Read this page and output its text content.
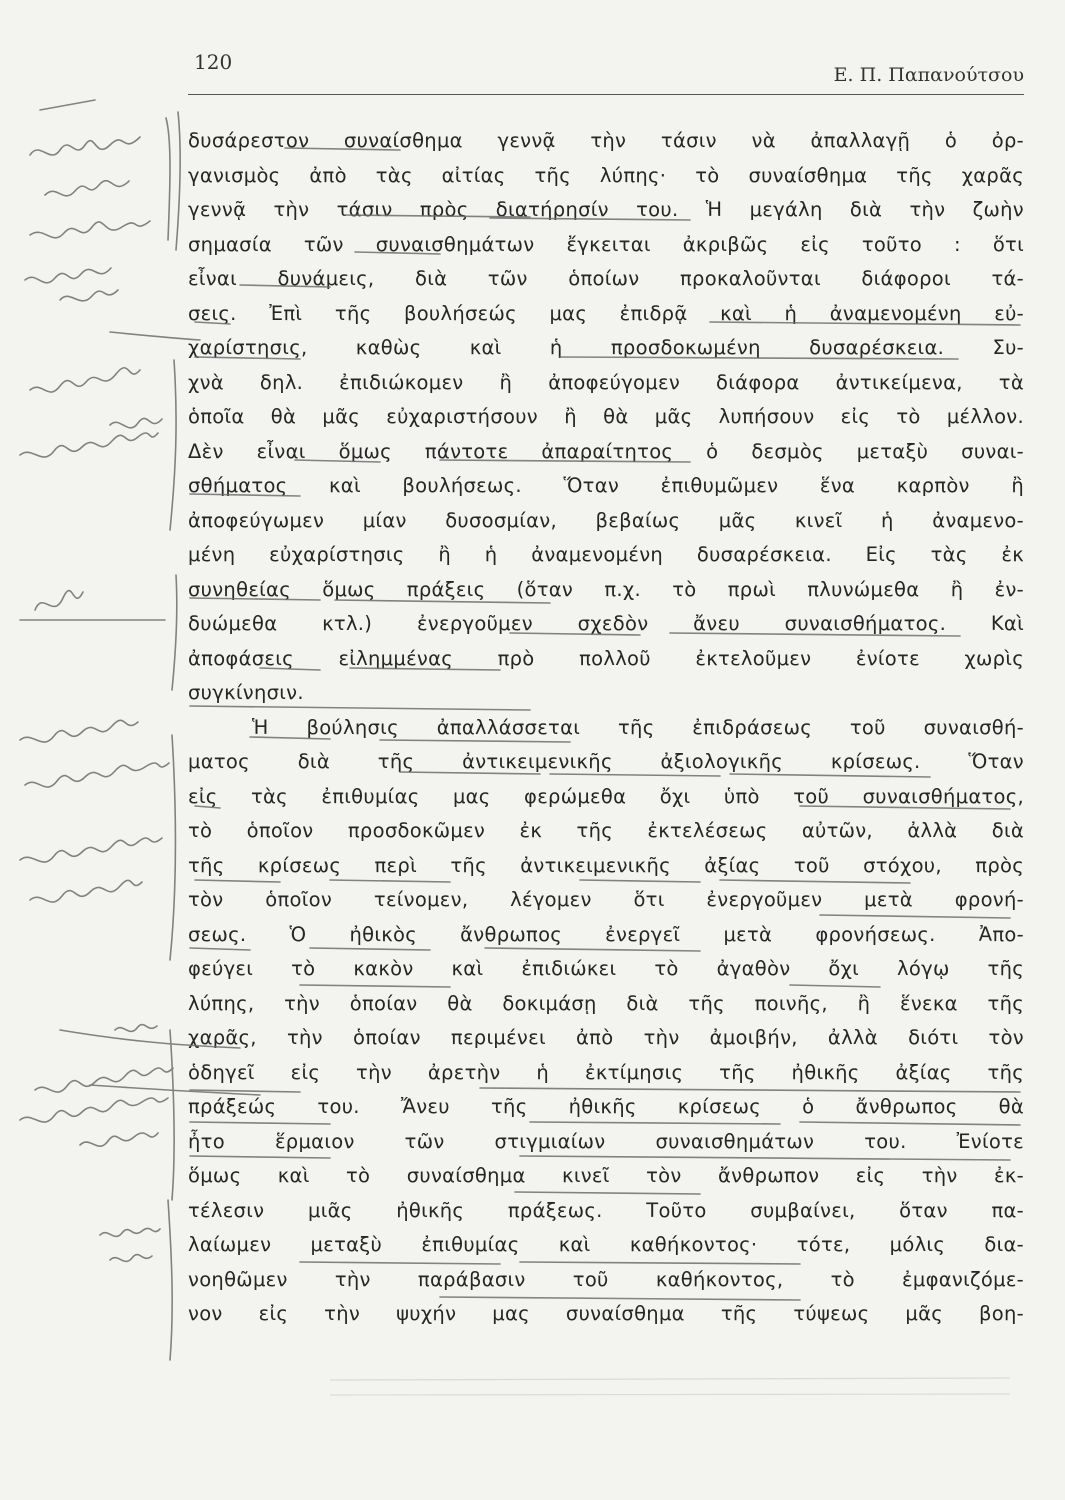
120
Ε. Π. Παπανούτσου
δυσάρεστον συναίσθημα γεννᾷ τὴν τάσιν νὰ ἀπαλλαγῇ ὁ ὀρ-
γανισμὸς ἀπὸ τὰς αἰτίας τῆς λύπης· τὸ συναίσθημα τῆς χαρᾶς
γεννᾷ τὴν τάσιν πρὸς διατήρησίν του. Ἡ μεγάλη διὰ τὴν ζωὴν
σημασία τῶν συναισθημάτων ἔγκειται ἀκριβῶς εἰς τοῦτο : ὅτι
εἶναι δυνάμεις, διὰ τῶν ὁποίων προκαλοῦνται διάφοροι τά-
σεις. Ἐπὶ τῆς βουλήσεώς μας ἐπιδρᾷ καὶ ἡ ἀναμενομένη εὐ-
χαρίστησις, καθὼς καὶ ἡ προσδοκωμένη δυσαρέσκεια. Συ-
χνὰ δηλ. ἐπιδιώκομεν ἢ ἀποφεύγομεν διάφορα ἀντικείμενα, τὰ
ὁποῖα θὰ μᾶς εὐχαριστήσουν ἢ θὰ μᾶς λυπήσουν εἰς τὸ μέλλον.
Δὲν εἶναι ὅμως πάντοτε ἀπαραίτητος ὁ δεσμὸς μεταξὺ συναι-
σθήματος καὶ βουλήσεως. Ὅταν ἐπιθυμῶμεν ἕνα καρπὸν ἢ
ἀποφεύγωμεν μίαν δυσοσμίαν, βεβαίως μᾶς κινεῖ ἡ ἀναμενο-
μένη εὐχαρίστησις ἢ ἡ ἀναμενομένη δυσαρέσκεια. Εἰς τὰς ἐκ
συνηθείας ὅμως πράξεις (ὅταν π.χ. τὸ πρωὶ πλυνώμεθα ἢ ἐν-
δυώμεθα κτλ.) ἐνεργοῦμεν σχεδὸν ἄνευ συναισθήματος. Καὶ
ἀποφάσεις εἰλημμένας πρὸ πολλοῦ ἐκτελοῦμεν ἐνίοτε χωρὶς
συγκίνησιν.
Ἡ βούλησις ἀπαλλάσσεται τῆς ἐπιδράσεως τοῦ συναισθή-
ματος διὰ τῆς ἀντικειμενικῆς ἀξιολογικῆς κρίσεως. Ὅταν
εἰς τὰς ἐπιθυμίας μας φερώμεθα ὄχι ὑπὸ τοῦ συναισθήματος,
τὸ ὁποῖον προσδοκῶμεν ἐκ τῆς ἐκτελέσεως αὐτῶν, ἀλλὰ διὰ
τῆς κρίσεως περὶ τῆς ἀντικειμενικῆς ἀξίας τοῦ στόχου, πρὸς
τὸν ὁποῖον τείνομεν, λέγομεν ὅτι ἐνεργοῦμεν μετὰ φρονή-
σεως. Ὁ ἠθικὸς ἄνθρωπος ἐνεργεῖ μετὰ φρονήσεως. Ἀπο-
φεύγει τὸ κακὸν καὶ ἐπιδιώκει τὸ ἀγαθὸν ὄχι λόγῳ τῆς
λύπης, τὴν ὁποίαν θὰ δοκιμάσῃ διὰ τῆς ποινῆς, ἢ ἕνεκα τῆς
χαρᾶς, τὴν ὁποίαν περιμένει ἀπὸ τὴν ἀμοιβήν, ἀλλὰ διότι τὸν
ὁδηγεῖ εἰς τὴν ἀρετὴν ἡ ἐκτίμησις τῆς ἠθικῆς ἀξίας τῆς
πράξεώς του. Ἄνευ τῆς ἠθικῆς κρίσεως ὁ ἄνθρωπος θὰ
ἦτο ἕρμαιον τῶν στιγμιαίων συναισθημάτων του. Ἐνίοτε
ὅμως καὶ τὸ συναίσθημα κινεῖ τὸν ἄνθρωπον εἰς τὴν ἐκ-
τέλεσιν μιᾶς ἠθικῆς πράξεως. Τοῦτο συμβαίνει, ὅταν πα-
λαίωμεν μεταξὺ ἐπιθυμίας καὶ καθήκοντος· τότε, μόλις δια-
νοηθῶμεν τὴν παράβασιν τοῦ καθήκοντος, τὸ ἐμφανιζόμε-
νον εἰς τὴν ψυχήν μας συναίσθημα τῆς τύψεως μᾶς βοη-
